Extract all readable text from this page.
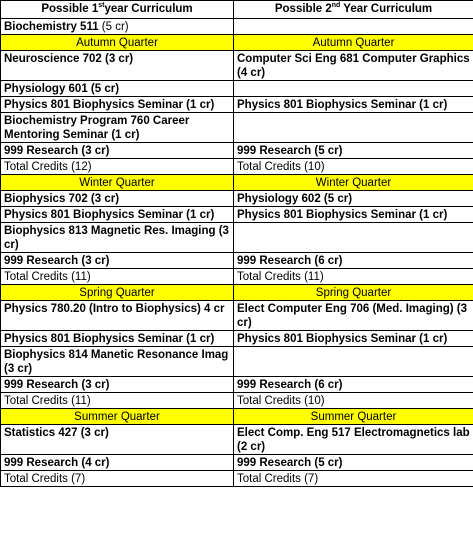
Possible 1styear Curriculum	Possible 2nd Year Curriculum
Biochemistry 511 (5 cr)	
Autumn Quarter	Autumn Quarter
Neuroscience 702 (3 cr)	Computer Sci Eng 681 Computer Graphics (4 cr)
Physiology 601 (5 cr)	
Physics 801 Biophysics Seminar (1 cr)	Physics 801 Biophysics Seminar (1 cr)
Biochemistry Program 760 Career Mentoring Seminar (1 cr)	
999 Research (3 cr)	999 Research (5 cr)
Total Credits (12)	Total Credits (10)
Winter Quarter	Winter Quarter
Biophysics 702 (3 cr)	Physiology 602 (5 cr)
Physics 801 Biophysics Seminar (1 cr)	Physics 801 Biophysics Seminar (1 cr)
Biophysics 813 Magnetic Res. Imaging (3 cr)	
999 Research (3 cr)	999 Research (6 cr)
Total Credits (11)	Total Credits (11)
Spring Quarter	Spring Quarter
Physics 780.20 (Intro to Biophysics) 4 cr	Elect Computer Eng 706 (Med. Imaging) (3 cr)
Physics 801 Biophysics Seminar (1 cr)	Physics 801 Biophysics Seminar (1 cr)
Biophysics 814 Manetic Resonance Imag (3 cr)	
999 Research (3 cr)	999 Research (6 cr)
Total Credits (11)	Total Credits (10)
Summer Quarter	Summer Quarter
Statistics 427 (3 cr)	Elect Comp. Eng 517 Electromagnetics lab (2 cr)
999 Research (4 cr)	999 Research (5 cr)
Total Credits (7)	Total Credits (7)
